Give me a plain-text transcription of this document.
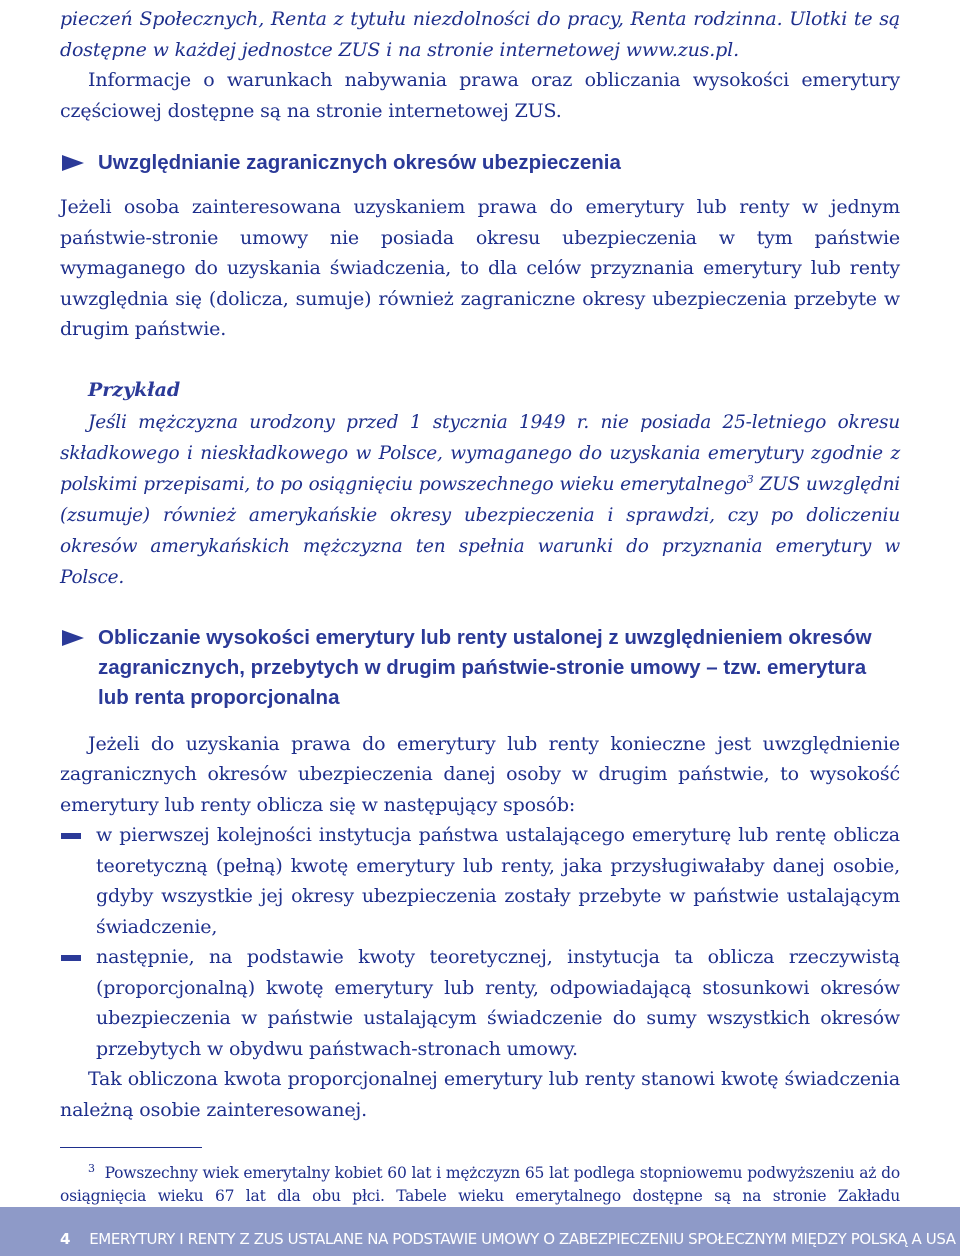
pieczeń Społecznych, Renta z tytułu niezdolności do pracy, Renta rodzinna. Ulotki te są dostępne w każdej jednostce ZUS i na stronie internetowej www.zus.pl.

Informacje o warunkach nabywania prawa oraz obliczania wysokości emerytury częściowej dostępne są na stronie internetowej ZUS.

Uwzględnianie zagranicznych okresów ubezpieczenia

Jeżeli osoba zainteresowana uzyskaniem prawa do emerytury lub renty w jednym państwie-stronie umowy nie posiada okresu ubezpieczenia w tym państwie wymaganego do uzyskania świadczenia, to dla celów przyznania emerytury lub renty uwzględnia się (dolicza, sumuje) również zagraniczne okresy ubezpieczenia przebyte w drugim państwie.

Przykład

Jeśli mężczyzna urodzony przed 1 stycznia 1949 r. nie posiada 25-letniego okresu składkowego i nieskładkowego w Polsce, wymaganego do uzyskania emerytury zgodnie z polskimi przepisami, to po osiągnięciu powszechnego wieku emerytalnego$^3$ ZUS uwzględni (zsumuje) również amerykańskie okresy ubezpieczenia i sprawdzi, czy po doliczeniu okresów amerykańskich mężczyzna ten spełnia warunki do przyznania emerytury w Polsce.

Obliczanie wysokości emerytury lub renty ustalonej z uwzględnieniem okresów zagranicznych, przebytych w drugim państwie-stronie umowy – tzw. emerytura lub renta proporcjonalna

Jeżeli do uzyskania prawa do emerytury lub renty konieczne jest uwzględnienie zagranicznych okresów ubezpieczenia danej osoby w drugim państwie, to wysokość emerytury lub renty oblicza się w następujący sposób:

w pierwszej kolejności instytucja państwa ustalającego emeryturę lub rentę oblicza teoretyczną (pełną) kwotę emerytury lub renty, jaka przysługiwałaby danej osobie, gdyby wszystkie jej okresy ubezpieczenia zostały przebyte w państwie ustalającym świadczenie,
następnie, na podstawie kwoty teoretycznej, instytucja ta oblicza rzeczywistą (proporcjonalną) kwotę emerytury lub renty, odpowiadającą stosunkowi okresów ubezpieczenia w państwie ustalającym świadczenie do sumy wszystkich okresów przebytych w obydwu państwach-stronach umowy.

Tak obliczona kwota proporcjonalnej emerytury lub renty stanowi kwotę świadczenia należną osobie zainteresowanej.

$^3$ Powszechny wiek emerytalny kobiet 60 lat i mężczyzn 65 lat podlega stopniowemu podwyższeniu aż do osiągnięcia wieku 67 lat dla obu płci. Tabele wieku emerytalnego dostępne są na stronie Zakładu

4 EMERYTURY I RENTY Z ZUS USTALANE NA PODSTAWIE UMOWY O ZABEZPIECZENIU SPOŁECZNYM MIĘDZY POLSKĄ A USA
